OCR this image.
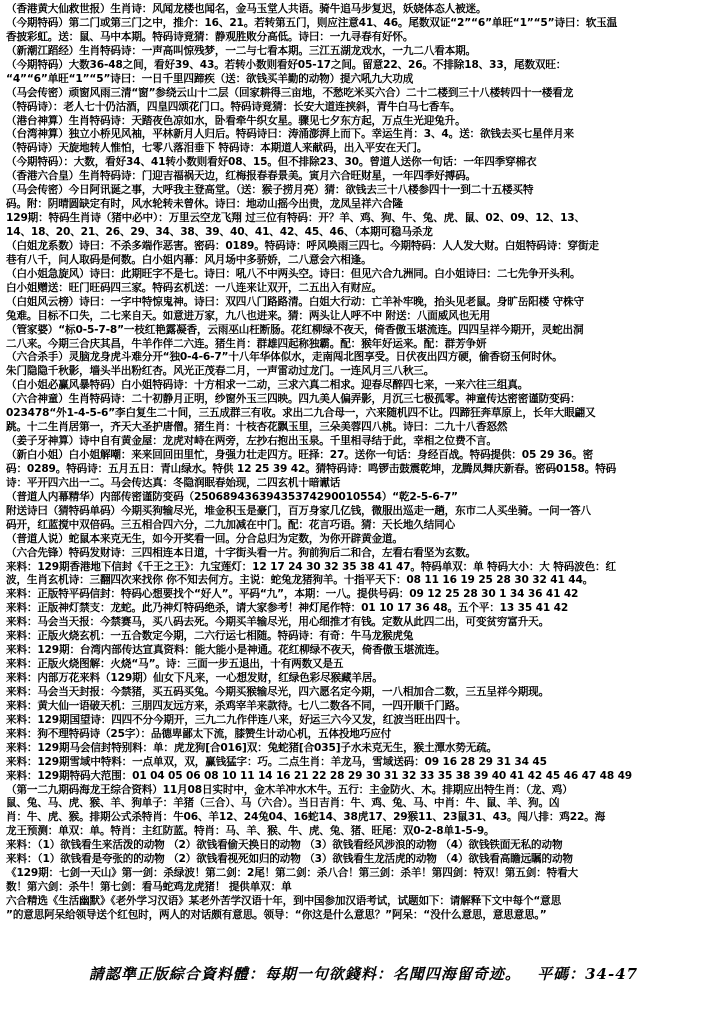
（香港黄大仙救世报）生肖诗：风闻龙楼也闻名，金马玉堂人共语。骑牛追马步复迟，妖娆体态人被迷。
（今期特码）第二门或第三门之中，推介：16、21。若转第五门，则应注意41、46。尾数双证“2”“6”单旺“1”“5”诗曰：软玉温
香披彩虹。送：鼠、马中本期。特码诗竟猜：静观胜败分高低。诗曰：一九寻春有好怀。
（新潮江蹈经）生肖特码诗：一声高叫惊残梦，一二与七看本期。三江五湖龙戏水，一九二八看本期。
（今期特码）大数36-48之间，看好39、43。若转小数则看好05-17之间。留意22、26。不排除18、33，尾数双旺：
“4”“6”单旺“1”“5”诗曰：一日千里四蹄疾（送：欲钱买羊勤的动物）提六吼九大功成
（马会传密）顽窗风雨三清“窗”参绕云山十二层（回家耕得三亩地，不愁吃米买六合）二十二楼到三十八楼转四十一楼看龙
（特码诗）：老人七十仍沽酒，四皇四颂花门口。特码诗竟猜：长安大道连挟斜，青牛白马七香车。
（港台神算）生肖特码诗：天踏夜色凉如水，卧看牵牛织女星。骤见七夕东方起，万点生光迎兔升。
（台湾神算）独立小桥见风袖，平林新月人归后。特码诗曰：涛涌澎湃上而下。幸运生肖：3、4。送：欲钱去买七星伴月来
（特码诗）天旋地转人惟怕，七零八落泪垂下 特码诗：本期道人来献码，出入平安在天门。
（今期特码）：大数，看好34、41转小数则看好08、15。但不排除23、30。曾道人送你一句话：一年四季穿棉衣
（香港六合皇）生肖特码诗：门迎吉福祸天边，红梅报春春景美。寅月六合旺财星，一年四季好搏码。
（马会传密）今日阿讯诞之事，大呼我主登高堂。（送：猴子捞月亮）猜：欲钱去三十八楼参四十一到二十五楼买特
码。附：阴晴圆缺定有时，风水轮转未曾休。诗曰：地动山摇今出贵，龙凤呈祥六合隆
129期：特码生肖诗（猪中必中）：万里云空龙飞翔 过三位有特码：开？羊、鸡、狗、牛、兔、虎、鼠、02、09、12、13、
14、18、20、21、26、29、34、38、39、40、41、42、45、46、（本期可稳马杀龙
（白姐龙系数）诗曰：不杀多端作恶害。密码：0189。特码诗：呼风唤雨三四七。今期特码：人人发大财。白姐特码诗：穿街走
巷有八千，问人取码是何数。白小姐内幕：风月场中多骄娇，二八意会六相逢。
（白小姐急旋风）诗曰：此期旺字不是七。诗曰：吼八不中两头空。诗曰：但见六合九洲同。白小姐诗曰：二七先争开头利。
白小姐赠送：旺门旺码四三家。特码玄机送：一八连来让双开，二五出入有财应。
（白姐风云榜）诗曰：一字中特惊鬼神。诗曰：双四八门路路清。白姐大行动：亡羊补牢晚，抬头见老鼠。身旷岳阳楼 守株守
兔难。目标不口失，二七来自天。如意进万家，九八也进来。猜：两头让人呼不中 附送：八面威风也无用
（管家婆）“标0-5-7-8”一枝红艳露凝香，云雨巫山枉断肠。花红柳绿不夜天，倚香傲玉堪流连。四四呈祥今期开，灵蛇出洞
二八来。今期三合庆其昌，牛羊作伴二六连。猪生肖：群雄四起称独霸。配：猴年好运来。配：群芳争妍
（六合杀手）灵脑龙身虎斗难分开“独0-4-6-7”十八年华体似水，走南闯北图享受。日伏夜出四方硬，偷香窃玉何时休。
朱门隐隐千秋影，墙头半出粉红杏。风光正茂春二月，一声雷动过龙门。一连风月三八秋三。
（白小姐必赢风暴特码）白小姐特码诗：十方相求一二动，三求六真二相求。迎春尽醉四七来，一来六往三组真。
（六合神童）生肖特码诗：二十初静月正明，纱窗外玉三四映。四九美人偏弄影，月沉三七极孤零。神童传达密密谨防变码：
023478“外1-4-5-6”李白复生二十间，三五成群三有收。求出二九合母一，六来随机四不让。四蹄狂奔草原上，长年大眼翩又
跳。十二生肖居第一，齐天大圣护唐僧。猪生肖：十枝杏花飘玉里，三朵美蓉四八桃。诗曰：二九十八香怒然
（姜子牙神算）诗中自有黄金屋：龙虎对峙在两旁，左抄右抱出玉泉。千里相寻结于此，幸相之位费不言。
（新白小姐）白小姐解嘲：来来回回田里忙，身强力壮走四方。旺择：27。送你一句话：身经百战。特码提供：05 29 36。密
码：0289。特码诗：五月五日：青山绿水。特供 12 25 39 42。猜特码诗：鸣锣击鼓震乾坤，龙腾凤舞庆新春。密码0158。特码
诗：平开四六出一二。马会传达真：冬隐润眠春始现，二四玄机十暗谳话
（普道人内幕精华）内部传密谨防变码（25068943639435374290010554）“乾2-5-6-7”
附送诗曰（猜特码单码）今期买狗输尽光，堆金积玉是豪门，百万身家几亿钱，微服出巡走一趟，东市二人买坐骑。一问一答八
码开，红蓝搅中双倍码。三五相合四六分，二九加减在中门。配：花言巧语。猜：天长地久结同心
（普道人说）蛇鼠本来克无生，如今开奖看一回。分合总归为定数，为你开辟黄金道。
（六合先锋）特码发财诗：三四相连本日道，十字街头看一片。狗前狗后二和合，左看右看坚为玄数。
来料：129期香港地下信封《千王之王》：九宝莲灯：12 17 24 30 32 35 38 41 47。特码单双：单 特码大小：大 特码波色：红
波，生肖玄机诗：三翻四次来找你 你不知去何方。主说：蛇兔龙猪狗羊。十指平天下：08 11 16 19 25 28 30 32 41 44。
来料：正版特平码信封：特码心想要找个“好人”。平码“九”，本期：一八。提供号码：09 12 25 28 30 1 34 36 41 42
来料：正版神灯禁支：龙蛇。此乃神灯特码绝杀，请大家参考！神灯尾作特：01 10 17 36 48。五个平：13 35 41 42
来料：马会当天报：今禁赛马，买八码去死。今期买羊输尽光，用心细推才有钱。定数从此四二出，可变贫穷富升天。
来料：正版火烧玄机：一五合数定今期，二六行运七相随。特码诗：有奇：牛马龙猴虎兔
来料：129期：台湾内部传达宣真资料：能大能小是神通。花红柳绿不夜天，倚香傲玉堪流连。
来料：正版火烧图解：火烧“马”。诗：三面一步五退出，十有两数又是五
来料：内部万花来料（129期）仙女下凡来，一心想发财，红绿色彩尽猴藏羊居。
来料：马会当天封报：今禁猪，买五码买兔。今期买猴输尽光，四六愿名定今期，一八相加合二数，三五呈祥今期现。
来料：黄大仙一语破天机：三朋四友远方来，杀鸡宰羊来款待。七八二数各不同，一四开顺千门路。
来料：129期国望诗：四四不分今期开，三九二九作伴连八来，好运三六今又发，红波当旺出四十。
来料：狗不理特码诗（25字）：品德卑鄙太下流，膝赞生计动心机，五体投地巧应付
来料：129期马会信封特别料：单：虎龙狗[合016]双：兔蛇猪[合035]子水未克无生，猴土潭水势无疏。
来料：129期雪域中特料：一点单双，双，赢钱猛字：巧。二点生肖：羊龙马，雪域送码：09 16 28 29 31 34 45
来料：129期特码大范围：01 04 05 06 08 10 11 14 16 21 22 28 29 30 31 32 33 35 38 39 40 41 42 45 46 47 48 49
（第一二九期码海龙王综合资料）11月08日实时中，金木羊冲水木牛。五行：主金防火、木。排期应出特生肖：（龙、鸡）
鼠、兔、马、虎、猴、羊、狗单子：羊猪（三合）、马（六合）。当日吉肖：牛、鸡、兔、马、中肖：牛、鼠、羊、狗。凶
肖：牛、虎、猴。排期公式杀特肖：牛06、羊12、24兔04、16蛇14、38虎17、29猴11、23鼠31、43。闯八排：鸡22。海
龙王预测：单双：单。特肖：主红防蓝。特肖：马、羊、猴、牛、虎、兔、猪、旺尾：双0-2-8单1-5-9。
来料：（1）欲钱看生来活泼的动物 （2）欲钱看偷天换日的动物 （3）欲钱看经风涉浪的动物 （4）欲钱铁面无私的动物
来料：（1）欲钱看是夸张的的动物 （2）欲钱看视死如归的动物 （3）欲钱看生龙活虎的动物 （4）欲钱看高瞻远瞩的动物
《129期：七剑一天山》第一剑：杀绿波！第二剑：2尾！第二剑：杀八合！第三剑：杀羊！第四剑：特双！第五剑：特看大
数！第六剑：杀牛！第七剑：看马蛇鸡龙虎猪！ 提供单双：单
六合精选《生活幽默》《老外学习汉语》某老外苦学汉语十年，到中国参加汉语考试，试题如下：请解释下文中每个“意思
”的意思阿呆给领导送个红包时，两人的对话颇有意思。领导：“你这是什么意思？”阿呆：“没什么意思，意思意思。”
請認準正版綜合資料體：每期一句欲錢料：名聞四海留奇迹。 平碼：34-47
